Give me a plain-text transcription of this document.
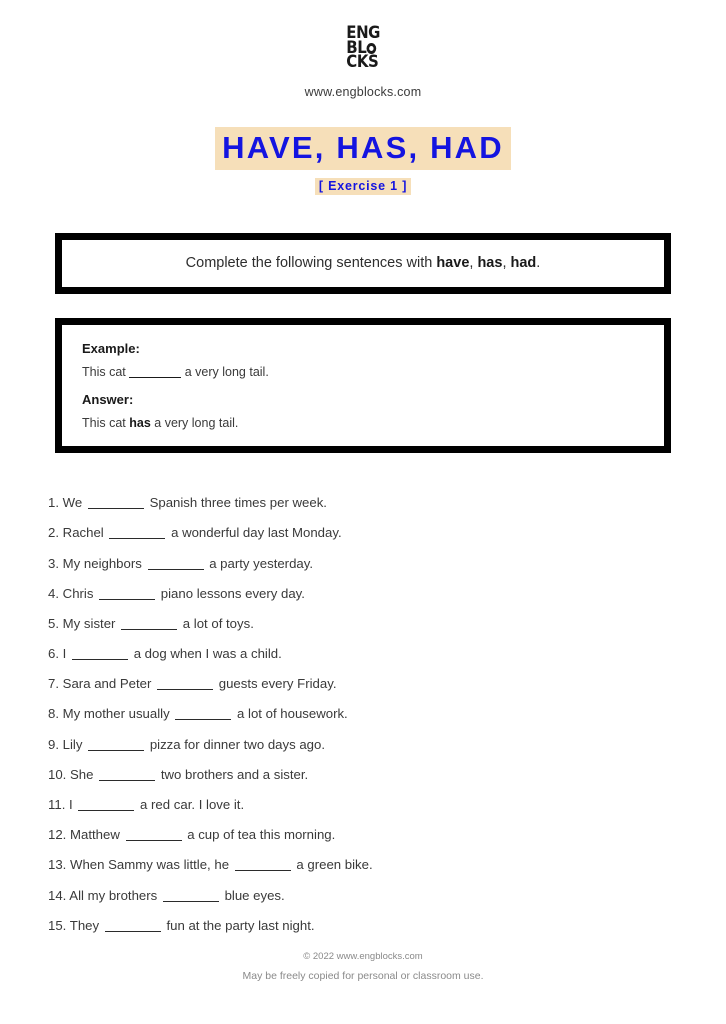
ENG
BL
CKS
www.engblocks.com
HAVE, HAS, HAD
[ Exercise 1 ]
Complete the following sentences with have, has, had.
Example:
This cat	a very long tail.
Answer:
This cat has a very long tail.
1. We	Spanish three times per week.
2. Rachel	a wonderful day last Monday.
3. My neighbors	a party yesterday.
4. Chris	piano lessons every day.
5. My sister	a lot of toys.
6. I	a dog when I was a child.
7. Sara and Peter	guests every Friday.
8. My mother usually	a lot of housework.
9. Lily	pizza for dinner two days ago.
10. She	two brothers and a sister.
11. I	a red car. I love it.
12. Matthew	a cup of tea this morning.
13. When Sammy was little, he	a green bike.
14. All my brothers	blue eyes.
15. They	fun at the party last night.
© 2022 www.engblocks.com
May be freely copied for personal or classroom use.
